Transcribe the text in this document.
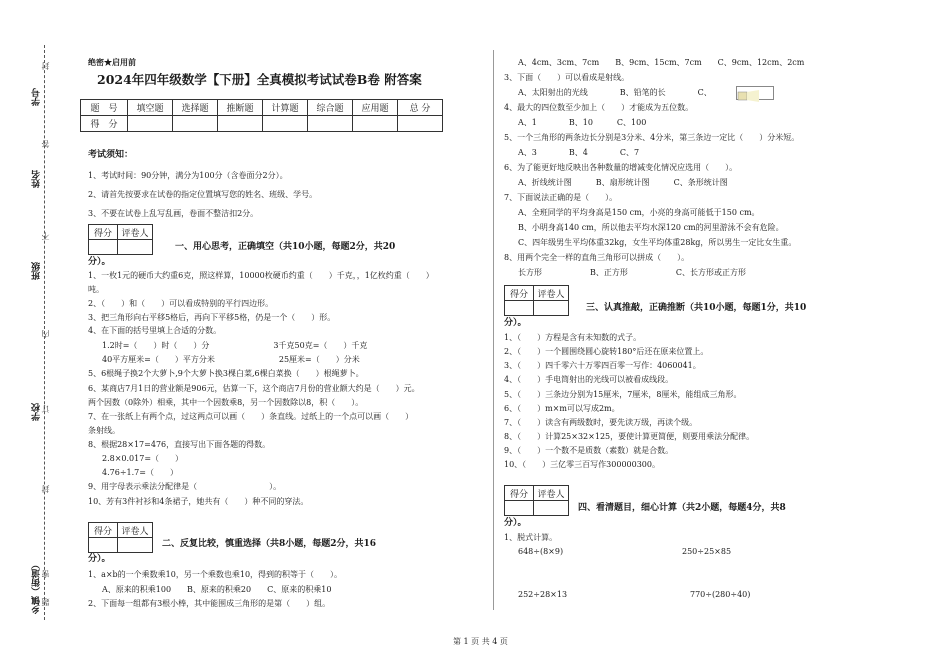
学号
姓名
班级
学校
乡镇（街道）
封
答
不
内
订
封
密
题
绝密★启用前
2024年四年级数学【下册】全真模拟考试试卷B卷 附答案
题　号	填空题	选择题	推断题	计算题	综合题	应用题	总 分
得　分							
考试须知：
1、考试时间：90分钟，满分为100分（含卷面分2分）。
2、请首先按要求在试卷的指定位置填写您的姓名、班级、学号。
3、不要在试卷上乱写乱画，卷面不整洁扣2分。
得分	评卷人

一、用心思考，正确填空（共10小题，每题2分，共20
分）。
1、一枚1元的硬币大约重6克，照这样算，10000枚硬币约重（　　）千克，，1亿枚约重（　　）
吨。
2、（　　）和（　　）可以看成特别的平行四边形。
3、把三角形向右平移5格后，再向下平移5格，仍是一个（　　）形。
4、在下面的括号里填上合适的分数。
1.2时=（　　）时（　　）分　　　　　　　　3千克50克=（　　）千克
40平方厘米=（　　）平方分米　　　　　　　　25厘米=（　　）分米
5、6根绳子换2个大萝卜,9个大萝卜换3棵白菜,6棵白菜换（　　）根绳萝卜。
6、某商店7月1日的营业额是906元，估算一下，这个商店7月份的营业额大约是（　　）元。
两个因数（0除外）相乘，其中一个因数乘8，另一个因数除以8，积（　　）。
7、在一张纸上有两个点，过这两点可以画（　　）条直线。过纸上的一个点可以画（　　）
条射线。
8、根据28×17=476，直接写出下面各题的得数。
2.8×0.017=（　　）
4.76÷1.7=（　　）
9、用字母表示乘法分配律是（　　　　　　　　　）。
10、芳有3件衬衫和4条裙子，她共有（　　）种不同的穿法。
得分	评卷人

二、反复比较，慎重选择（共8小题，每题2分，共16
分）。
1、a×b的一个乘数乘10，另一个乘数也乘10，得到的积等于（　　）。
A、原来的积乘100　　B、原来的积乘20　　C、原来的积乘10
2、下面每一组都有3根小棒，其中能围成三角形的是第（　　）组。
A、4cm、3cm、7cm　　B、9cm、15cm、7cm　　C、9cm、12cm、2cm
3、下面（　　）可以看成是射线。
A、太阳射出的光线　　　　B、铅笔的长　　　　C、
4、最大的四位数至少加上（　　）才能成为五位数。
A、1　　　　B、10　　　C、100
5、一个三角形的两条边长分别是3分米、4分米，第三条边一定比（　　）分米短。
A、3　　　　B、4　　　　C、7
6、为了能更好地反映出各种数量的增减变化情况应选用（　　）。
A、折线统计图　　　B、扇形统计图　　　C、条形统计图
7、下面说法正确的是（　　）。
A、全班同学的平均身高是150 cm，小亮的身高可能低于150 cm。
B、小明身高140 cm，所以他去平均水深120 cm的河里游泳不会有危险。
C、四年级男生平均体重32kg，女生平均体重28kg，所以男生一定比女生重。
8、用两个完全一样的直角三角形可以拼成（　　）。
长方形　　　　　　B、正方形　　　　　　C、长方形或正方形
得分	评卷人

三、认真推敲，正确推断（共10小题，每题1分，共10
分）。
1、（　　）方程是含有未知数的式子。
2、（　　）一个圆围绕圆心旋转180°后还在原来位置上。
3、（　　）四千零六十万零四百零一写作：4060041。
4、（　　）手电筒射出的光线可以被看成线段。
5、（　　）三条边分别为15厘米，7厘米，8厘米，能组成三角形。
6、（　　）m×m可以写成2m。
7、（　　）读含有两级数时，要先读万级，再读个级。
8、（　　）计算25×32×125，要使计算更简便，则要用乘法分配律。
9、（　　）一个数不是质数（素数）就是合数。
10、（　　）三亿零三百写作300000300。
得分	评卷人

四、看清题目，细心计算（共2小题，每题4分，共8
分）。
1、脱式计算。
648÷(8×9)	250÷25×85
252÷28×13	770÷(280÷40)
第 1 页 共 4 页
